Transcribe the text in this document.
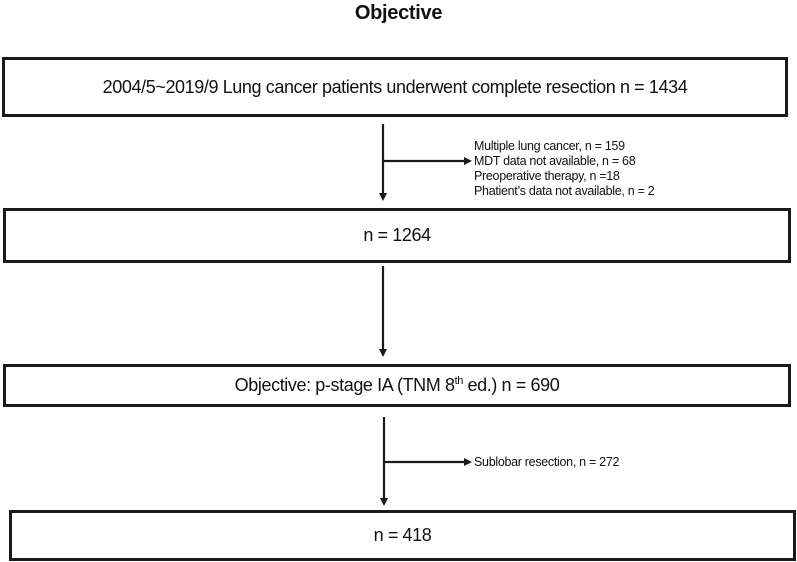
Objective
2004/5~2019/9 Lung cancer patients underwent complete resection n = 1434
Multiple lung cancer, n = 159
MDT data not available, n = 68
Preoperative therapy, n =18
Phatient’s data not available, n = 2
n = 1264
Objective: p-stage IA (TNM 8th ed.) n = 690
Sublobar resection, n = 272
n = 418
